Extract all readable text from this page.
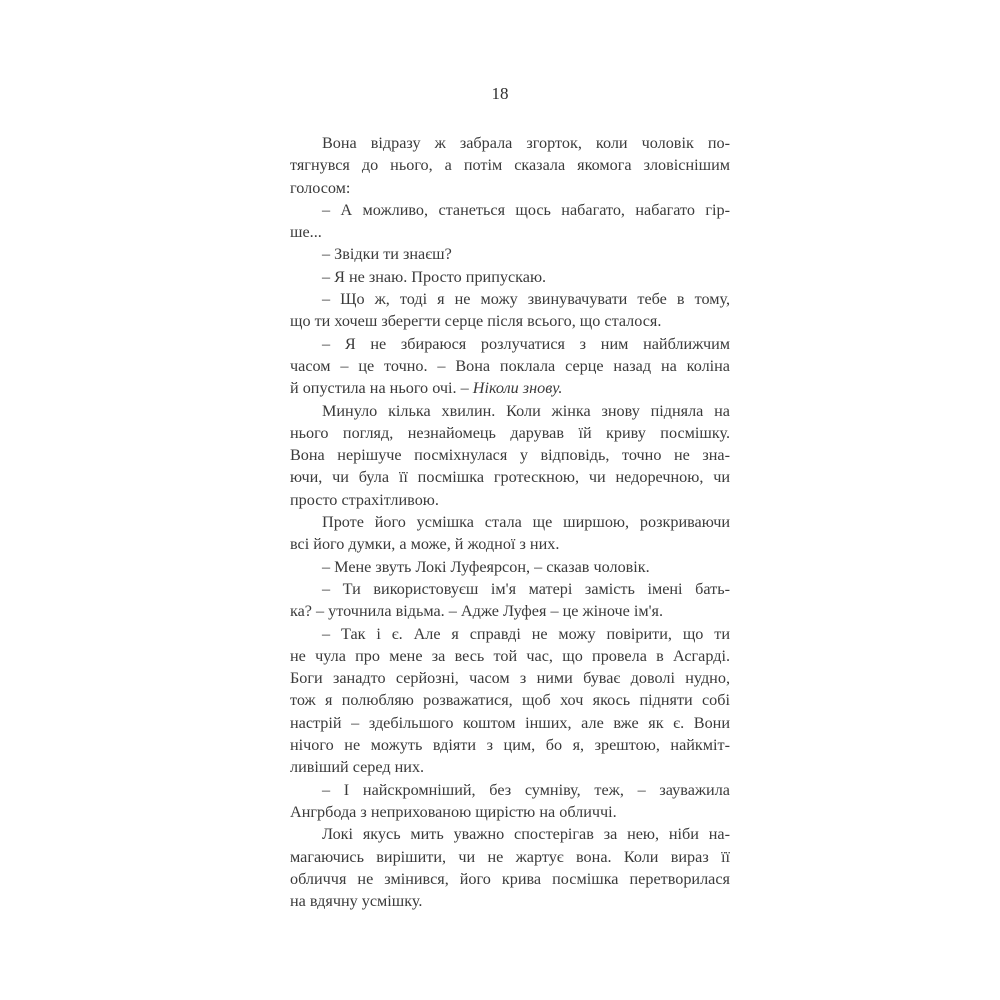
18
Вона відразу ж забрала згорток, коли чоловік по-
тягнувся до нього, а потім сказала якомога зловіснішим
голосом:
– А можливо, станеться щось набагато, набагато гір-
ше...
– Звідки ти знаєш?
– Я не знаю. Просто припускаю.
– Що ж, тоді я не можу звинувачувати тебе в тому,
що ти хочеш зберегти серце після всього, що сталося.
– Я не збираюся розлучатися з ним найближчим
часом – це точно. – Вона поклала серце назад на коліна
й опустила на нього очі. – Ніколи знову.
Минуло кілька хвилин. Коли жінка знову підняла на
нього погляд, незнайомець дарував їй криву посмішку.
Вона нерішуче посміхнулася у відповідь, точно не зна-
ючи, чи була її посмішка гротескною, чи недоречною, чи
просто страхітливою.
Проте його усмішка стала ще ширшою, розкриваючи
всі його думки, а може, й жодної з них.
– Мене звуть Локі Луфеярсон, – сказав чоловік.
– Ти використовуєш ім'я матері замість імені бать-
ка? – уточнила відьма. – Адже Луфея – це жіноче ім'я.
– Так і є. Але я справді не можу повірити, що ти
не чула про мене за весь той час, що провела в Асгарді.
Боги занадто серйозні, часом з ними буває доволі нудно,
тож я полюбляю розважатися, щоб хоч якось підняти собі
настрій – здебільшого коштом інших, але вже як є. Вони
нічого не можуть вдіяти з цим, бо я, зрештою, найкміт-
ливіший серед них.
– І найскромніший, без сумніву, теж, – зауважила
Ангрбода з неприхованою щирістю на обличчі.
Локі якусь мить уважно спостерігав за нею, ніби на-
магаючись вирішити, чи не жартує вона. Коли вираз її
обличчя не змінився, його крива посмішка перетворилася
на вдячну усмішку.
